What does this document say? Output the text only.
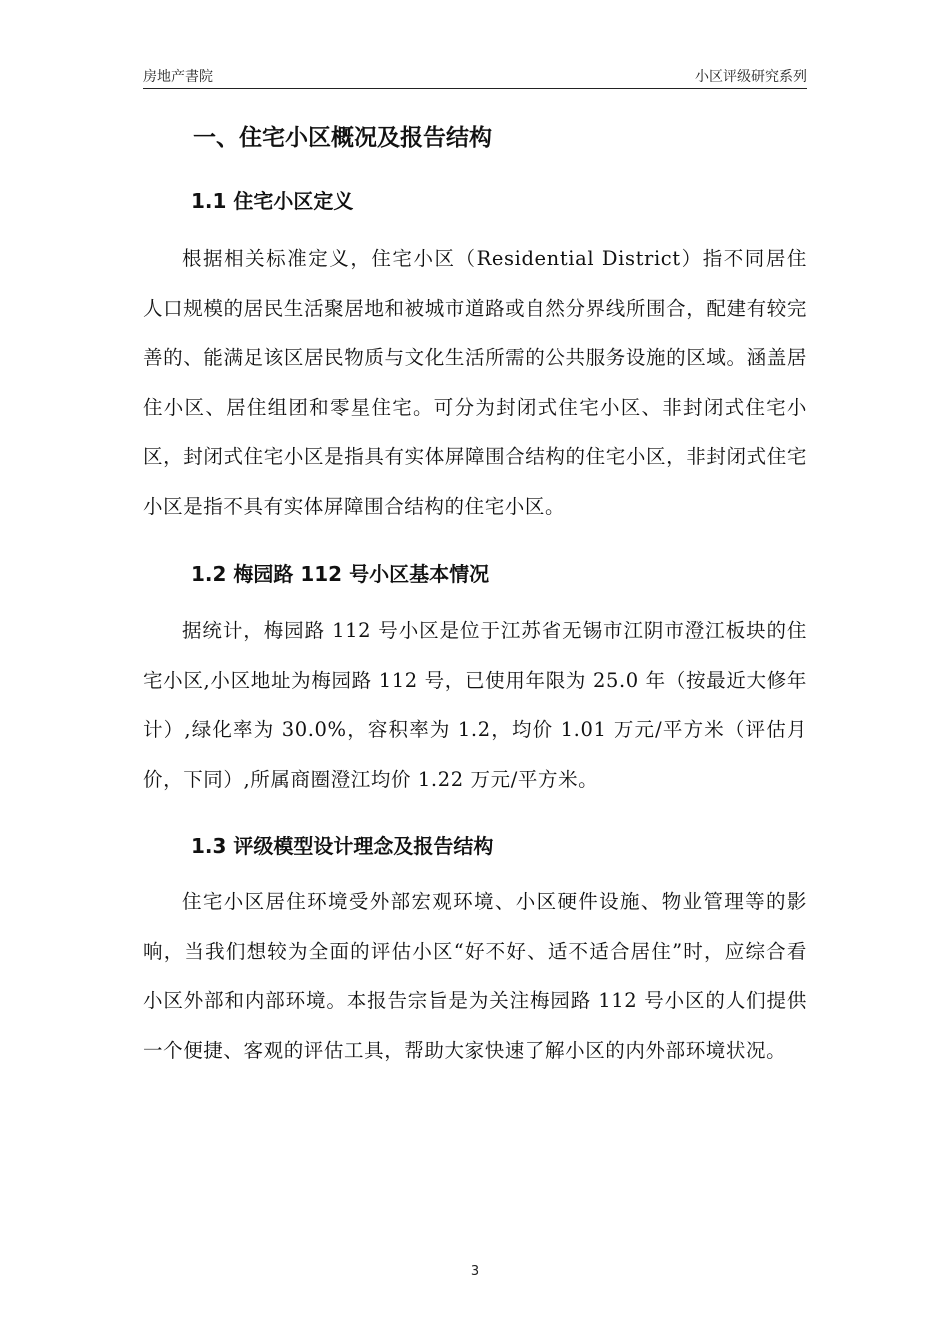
房地产書院	小区评级研究系列
一、住宅小区概况及报告结构
1.1 住宅小区定义

根据相关标准定义，住宅小区（Residential District）指不同居住人口规模的居民生活聚居地和被城市道路或自然分界线所围合，配建有较完善的、能满足该区居民物质与文化生活所需的公共服务设施的区域。涵盖居住小区、居住组团和零星住宅。可分为封闭式住宅小区、非封闭式住宅小区，封闭式住宅小区是指具有实体屏障围合结构的住宅小区，非封闭式住宅小区是指不具有实体屏障围合结构的住宅小区。

1.2 梅园路 112 号小区基本情况

据统计，梅园路 112 号小区是位于江苏省无锡市江阴市澄江板块的住宅小区,小区地址为梅园路 112 号，已使用年限为 25.0 年（按最近大修年计）,绿化率为 30.0%，容积率为 1.2，均价 1.01 万元/平方米（评估月价，下同）,所属商圈澄江均价 1.22 万元/平方米。

1.3 评级模型设计理念及报告结构

住宅小区居住环境受外部宏观环境、小区硬件设施、物业管理等的影响，当我们想较为全面的评估小区“好不好、适不适合居住”时，应综合看小区外部和内部环境。本报告宗旨是为关注梅园路 112 号小区的人们提供一个便捷、客观的评估工具，帮助大家快速了解小区的内外部环境状况。

3
